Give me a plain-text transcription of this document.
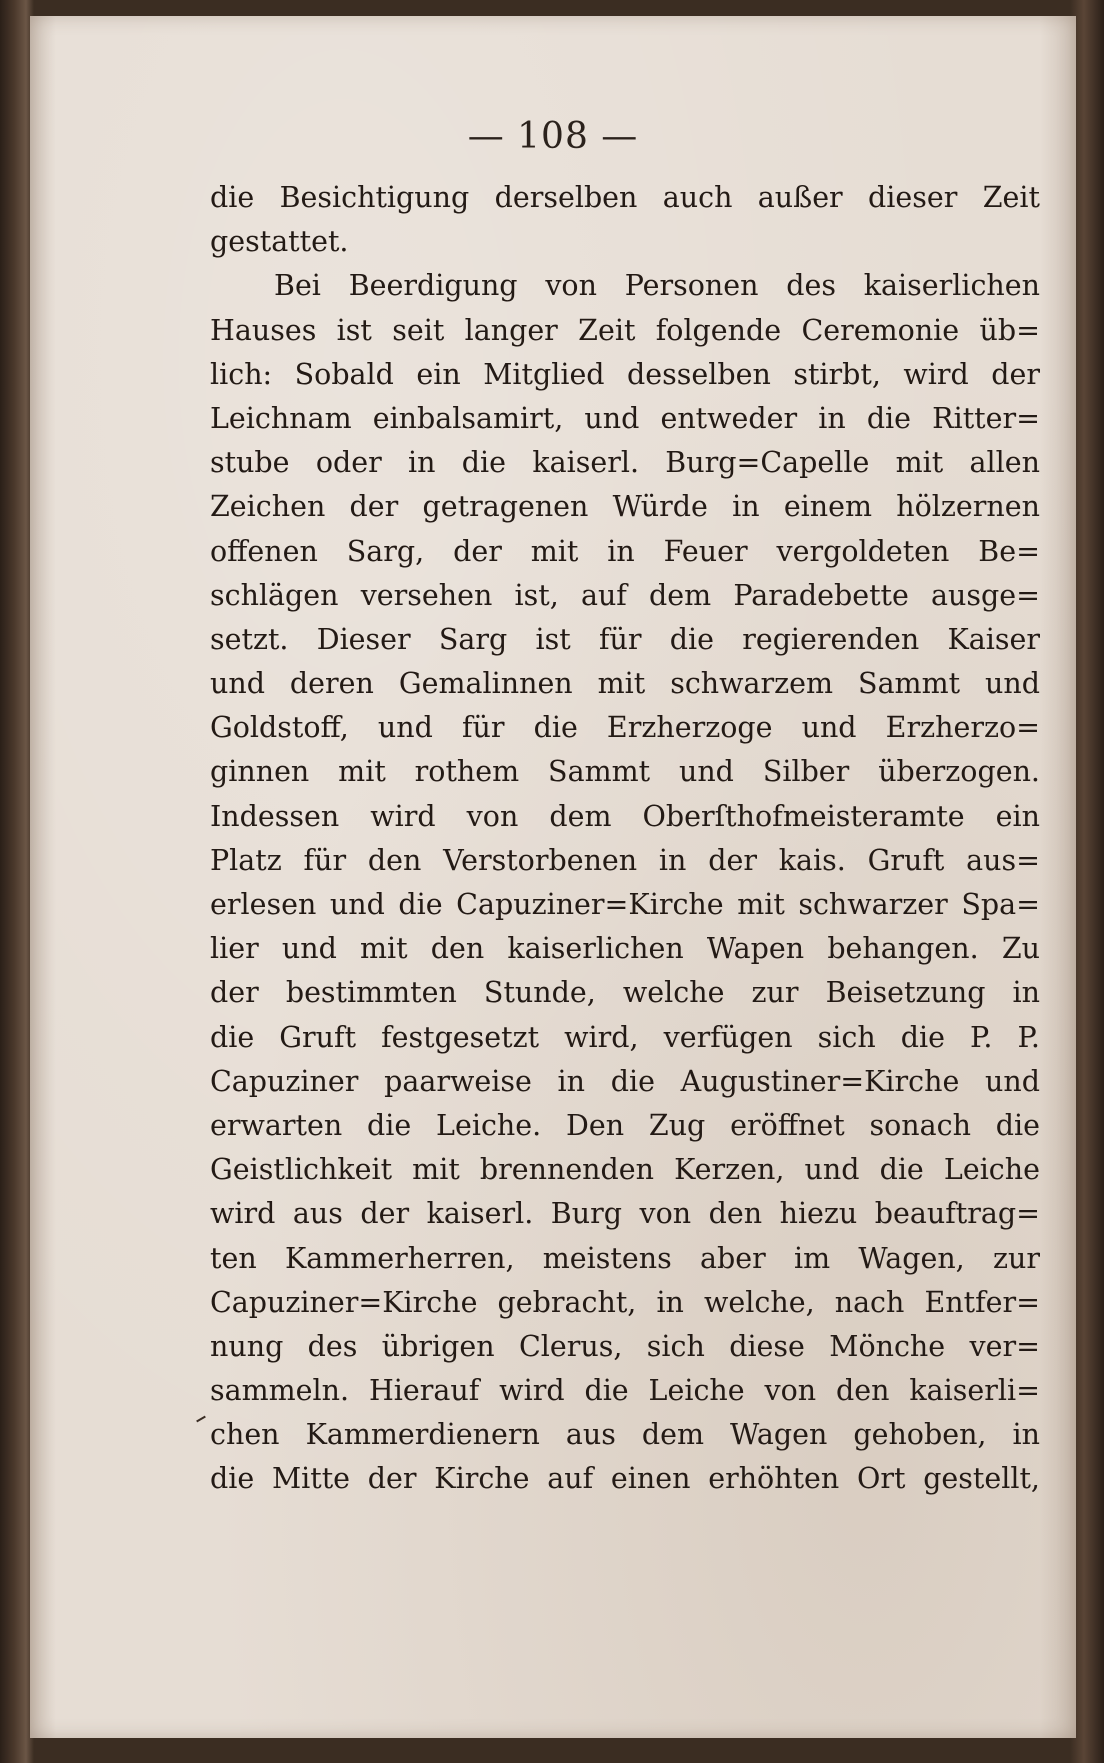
— 108 —
die Besichtigung derselben auch außer dieser Zeit
gestattet.
Bei Beerdigung von Personen des kaiserlichen
Hauses ist seit langer Zeit folgende Ceremonie üb=
lich: Sobald ein Mitglied desselben stirbt, wird der
Leichnam einbalsamirt, und entweder in die Ritter=
stube oder in die kaiserl. Burg=Capelle mit allen
Zeichen der getragenen Würde in einem hölzernen
offenen Sarg, der mit in Feuer vergoldeten Be=
schlägen versehen ist, auf dem Paradebette ausge=
setzt. Dieser Sarg ist für die regierenden Kaiser
und deren Gemalinnen mit schwarzem Sammt und
Goldstoff, und für die Erzherzoge und Erzherzo=
ginnen mit rothem Sammt und Silber überzogen.
Indessen wird von dem Oberſthofmeisteramte ein
Platz für den Verstorbenen in der kais. Gruft aus=
erlesen und die Capuziner=Kirche mit schwarzer Spa=
lier und mit den kaiserlichen Wapen behangen. Zu
der bestimmten Stunde, welche zur Beisetzung in
die Gruft festgesetzt wird, verfügen sich die P. P.
Capuziner paarweise in die Augustiner=Kirche und
erwarten die Leiche. Den Zug eröffnet sonach die
Geistlichkeit mit brennenden Kerzen, und die Leiche
wird aus der kaiserl. Burg von den hiezu beauftrag=
ten Kammerherren, meistens aber im Wagen, zur
Capuziner=Kirche gebracht, in welche, nach Entfer=
nung des übrigen Clerus, sich diese Mönche ver=
sammeln. Hierauf wird die Leiche von den kaiserli=
chen Kammerdienern aus dem Wagen gehoben, in
die Mitte der Kirche auf einen erhöhten Ort gestellt,
